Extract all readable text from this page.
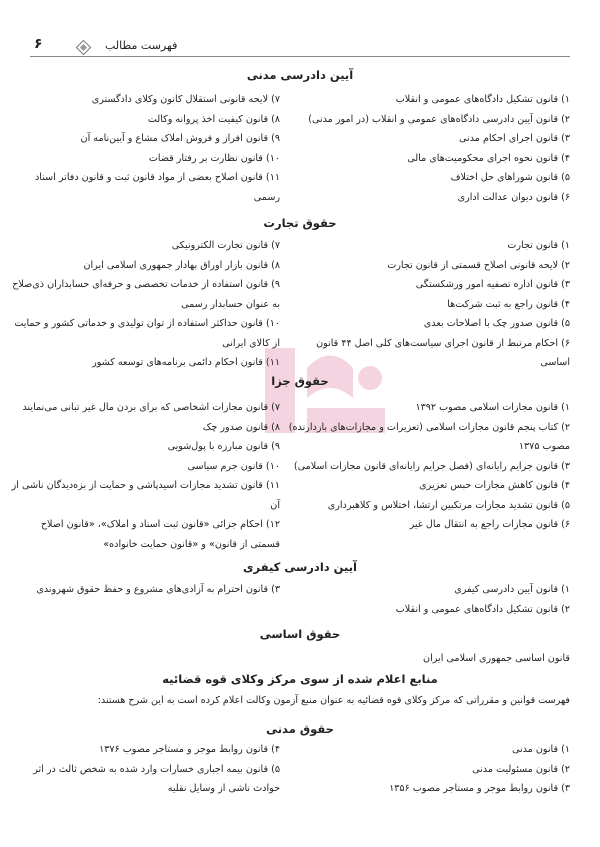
۶	فهرست مطالب
آیین دادرسی مدنی
۱) قانون تشکیل دادگاه‌های عمومی و انقلاب
۲) قانون آیین دادرسی دادگاه‌های عمومی و انقلاب (در امور مدنی)
۳) قانون اجرای احکام مدنی
۴) قانون نحوه اجرای محکومیت‌های مالی
۵) قانون شوراهای حل اختلاف
۶) قانون دیوان عدالت اداری
۷) لایحه قانونی استقلال کانون وکلای دادگستری
۸) قانون کیفیت اخذ پروانه وکالت
۹) قانون افراز و فروش املاک مشاع و آیین‌نامه آن
۱۰) قانون نظارت بر رفتار قضات
۱۱) قانون اصلاح بعضی از مواد قانون ثبت و قانون دفاتر اسناد رسمی
حقوق تجارت
۱) قانون تجارت
۲) لایحه قانونی اصلاح قسمتی از قانون تجارت
۳) قانون اداره تصفیه امور ورشکستگی
۴) قانون راجع به ثبت شرکت‌ها
۵) قانون صدور چک با اصلاحات بعدی
۶) احکام مرتبط از قانون اجرای سیاست‌های کلی اصل ۴۴ قانون اساسی
۷) قانون تجارت الکترونیکی
۸) قانون بازار اوراق بهادار جمهوری اسلامی ایران
۹) قانون استفاده از خدمات تخصصی و حرفه‌ای حسابداران ذی‌صلاح به عنوان حسابدار رسمی
۱۰) قانون حداکثر استفاده از توان تولیدی و خدماتی کشور و حمایت از کالای ایرانی
۱۱) قانون احکام دائمی برنامه‌های توسعه کشور
حقوق جزا
۱) قانون مجازات اسلامی مصوب ۱۳۹۲
۲) کتاب پنجم قانون مجازات اسلامی (تعزیرات و مجازات‌های بازدارنده) مصوب ۱۳۷۵
۳) قانون جرایم رایانه‌ای (فصل جرایم رایانه‌ای قانون مجازات اسلامی)
۴) قانون کاهش مجازات حبس تعزیری
۵) قانون تشدید مجازات مرتکبین ارتشا، اختلاس و کلاهبرداری
۶) قانون مجازات راجع به انتقال مال غیر
۷) قانون مجازات اشخاصی که برای بردن مال غیر تبانی می‌نمایند
۸) قانون صدور چک
۹) قانون مبارزه با پول‌شویی
۱۰) قانون جرم سیاسی
۱۱) قانون تشدید مجازات اسیدپاشی و حمایت از بزه‌دیدگان ناشی از آن
۱۲) احکام جزائی «قانون ثبت اسناد و املاک»، «قانون اصلاح قسمتی از قانون» و «قانون حمایت خانواده»
آیین دادرسی کیفری
۱) قانون آیین دادرسی کیفری
۲) قانون تشکیل دادگاه‌های عمومی و انقلاب
۳) قانون احترام به آزادی‌های مشروع و حفظ حقوق شهروندی
حقوق اساسی
قانون اساسی جمهوری اسلامی ایران
منابع اعلام شده از سوی مرکز وکلای قوه قضائیه
فهرست قوانین و مقرراتی که مرکز وکلای قوه قضائیه به عنوان منبع آزمون وکالت اعلام کرده است به این شرح هستند:
حقوق مدنی
۱) قانون مدنی
۲) قانون مسئولیت مدنی
۳) قانون روابط موجر و مستاجر مصوب ۱۳۵۶
۴) قانون روابط موجر و مستاجر مصوب ۱۳۷۶
۵) قانون بیمه اجباری خسارات وارد شده به شخص ثالث در اثر حوادث ناشی از وسایل نقلیه
